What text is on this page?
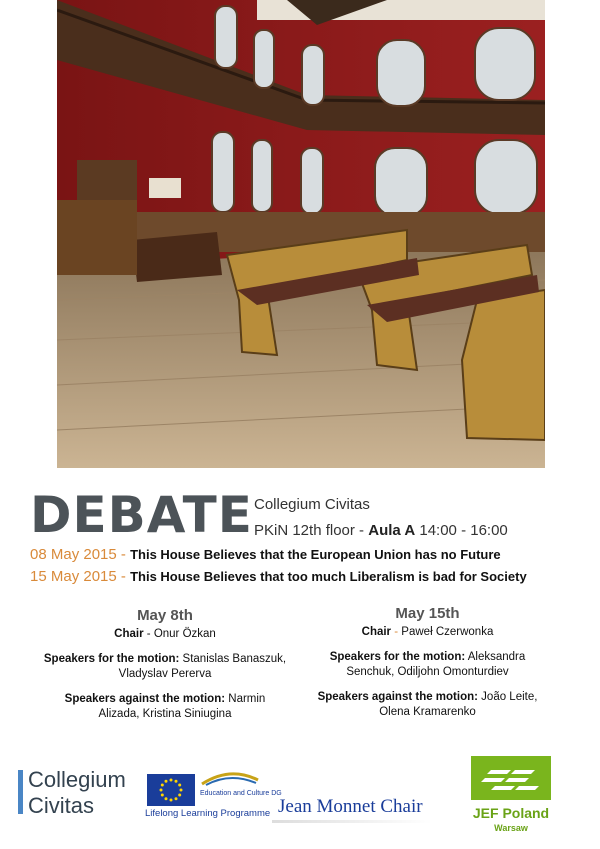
DEBATE Collegium Civitas
PKiN 12th floor - Aula A 14:00 - 16:00
08 May 2015 - This House Believes that the European Union has no Future
15 May 2015 - This House Believes that too much Liberalism is bad for Society
May 8th

Chair - Onur Özkan

Speakers for the motion: Stanislas Banaszuk,
Vladyslav Pererva

Speakers against the motion: Narmin
Alizada, Kristina Siniugina

May 15th

Chair - Paweł Czerwonka

Speakers for the motion: Aleksandra
Senchuk, Odiljohn Omonturdiev

Speakers against the motion: João Leite,
Olena Kramarenko

Collegium
Civitas	Education and Culture DG
Lifelong Learning Programme Jean Monnet Chair	JEF Poland
Warsaw
